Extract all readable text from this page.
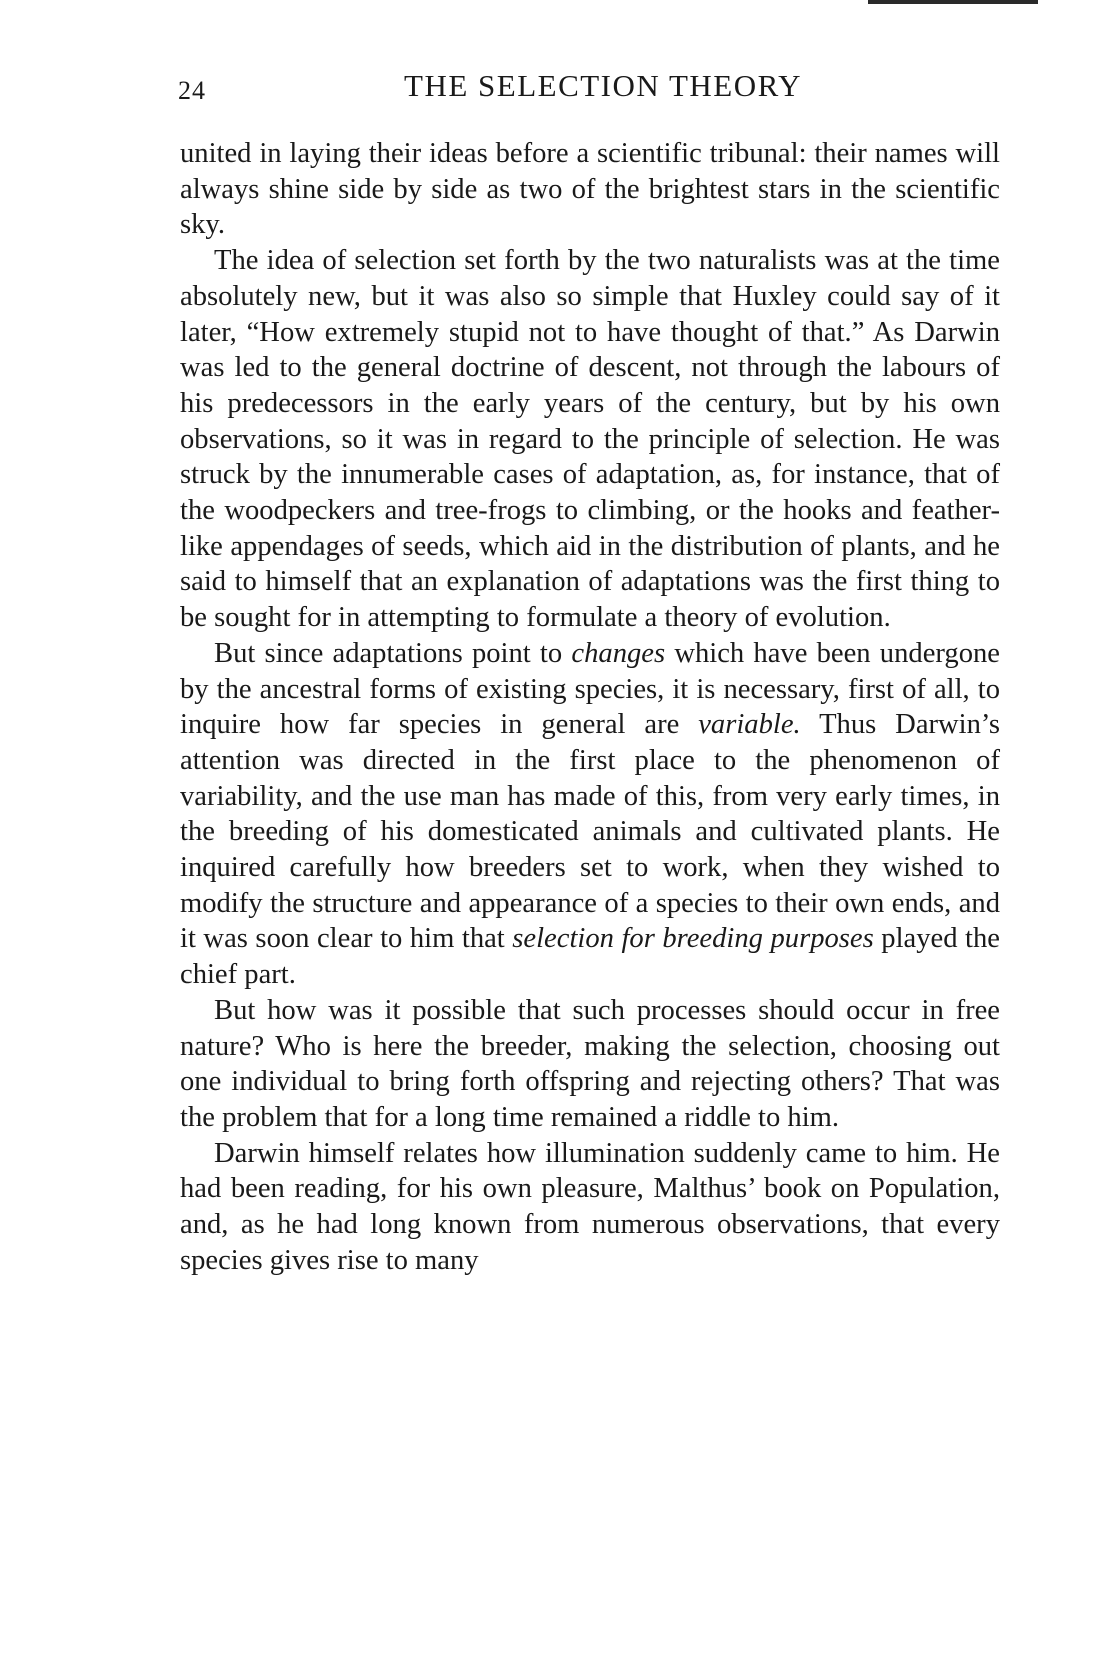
24	THE SELECTION THEORY

united in laying their ideas before a scientific tribunal: their names will always shine side by side as two of the brightest stars in the scientific sky.

The idea of selection set forth by the two naturalists was at the time absolutely new, but it was also so simple that Huxley could say of it later, “How extremely stupid not to have thought of that.” As Darwin was led to the general doctrine of descent, not through the labours of his predecessors in the early years of the century, but by his own observations, so it was in regard to the principle of selection. He was struck by the innumerable cases of adaptation, as, for instance, that of the woodpeckers and tree-frogs to climbing, or the hooks and feather-like appendages of seeds, which aid in the distribution of plants, and he said to himself that an explanation of adaptations was the first thing to be sought for in attempting to formulate a theory of evolution.

But since adaptations point to changes which have been undergone by the ancestral forms of existing species, it is necessary, first of all, to inquire how far species in general are variable. Thus Darwin’s attention was directed in the first place to the phenomenon of variability, and the use man has made of this, from very early times, in the breeding of his domesticated animals and cultivated plants. He inquired carefully how breeders set to work, when they wished to modify the structure and appearance of a species to their own ends, and it was soon clear to him that selection for breeding purposes played the chief part.

But how was it possible that such processes should occur in free nature? Who is here the breeder, making the selection, choosing out one individual to bring forth offspring and rejecting others? That was the problem that for a long time remained a riddle to him.

Darwin himself relates how illumination suddenly came to him. He had been reading, for his own pleasure, Malthus’ book on Population, and, as he had long known from numerous observations, that every species gives rise to many
